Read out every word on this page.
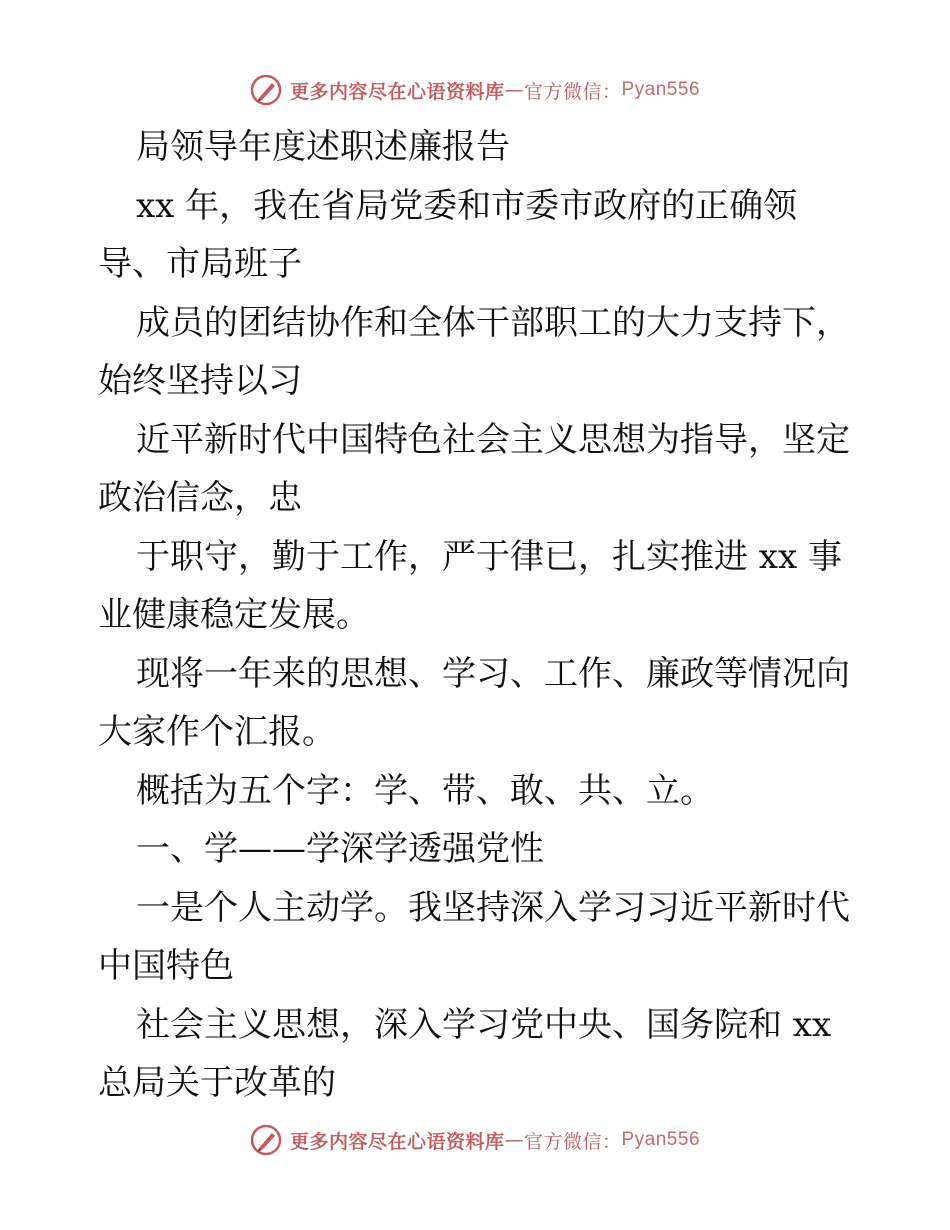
更多内容尽在心语资料库 — 官方微信： Pyan556
局领导年度述职述廉报告
xx 年，我在省局党委和市委市政府的正确领
导、市局班子
成员的团结协作和全体干部职工的大力支持下，
始终坚持以习
近平新时代中国特色社会主义思想为指导，坚定
政治信念，忠
于职守，勤于工作，严于律已，扎实推进 xx 事
业健康稳定发展。
现将一年来的思想、学习、工作、廉政等情况向
大家作个汇报。
概括为五个字：学、带、敢、共、立。
一、学——学深学透强党性
一是个人主动学。我坚持深入学习习近平新时代
中国特色
社会主义思想，深入学习党中央、国务院和 xx
总局关于改革的
更多内容尽在心语资料库 — 官方微信： Pyan556
